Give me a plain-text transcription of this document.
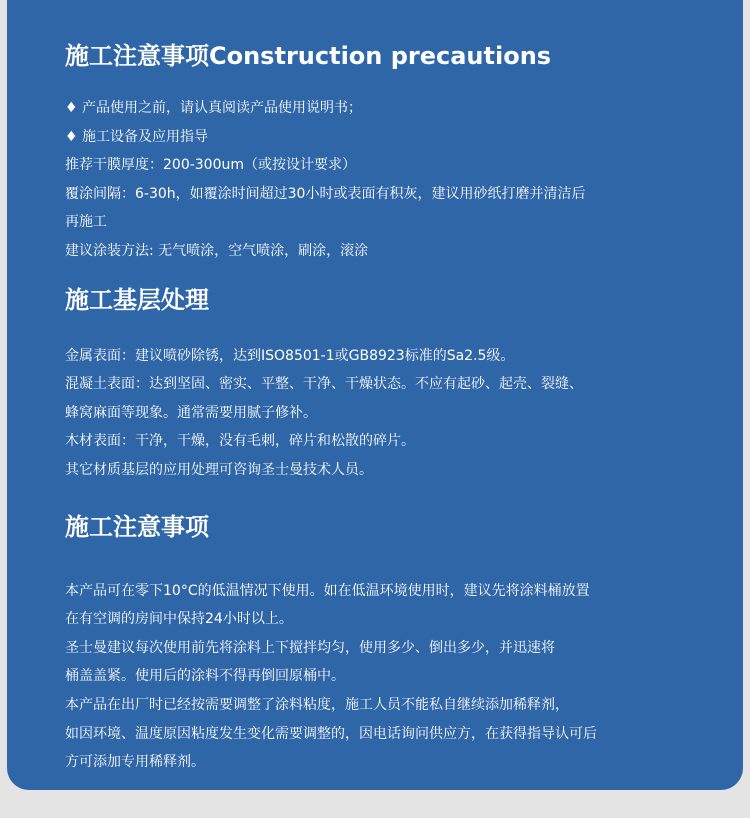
施工注意事项Construction precautions
♦ 产品使用之前，请认真阅读产品使用说明书；
♦ 施工设备及应用指导
推荐干膜厚度：200-300um（或按设计要求）
覆涂间隔：6-30h，如覆涂时间超过30小时或表面有积灰，建议用砂纸打磨并清洁后
再施工
建议涂装方法: 无气喷涂，空气喷涂，刷涂，滚涂
施工基层处理
金属表面：建议喷砂除锈，达到ISO8501-1或GB8923标准的Sa2.5级。
混凝土表面：达到坚固、密实、平整、干净、干燥状态。不应有起砂、起壳、裂缝、
蜂窝麻面等现象。通常需要用腻子修补。
木材表面：干净，干燥，没有毛刺，碎片和松散的碎片。
其它材质基层的应用处理可咨询圣士曼技术人员。
施工注意事项
本产品可在零下10°C的低温情况下使用。如在低温环境使用时，建议先将涂料桶放置
在有空调的房间中保持24小时以上。
圣士曼建议每次使用前先将涂料上下搅拌均匀，使用多少、倒出多少，并迅速将
桶盖盖紧。使用后的涂料不得再倒回原桶中。
本产品在出厂时已经按需要调整了涂料粘度，施工人员不能私自继续添加稀释剂，
如因环境、温度原因粘度发生变化需要调整的，因电话询问供应方，在获得指导认可后
方可添加专用稀释剂。
